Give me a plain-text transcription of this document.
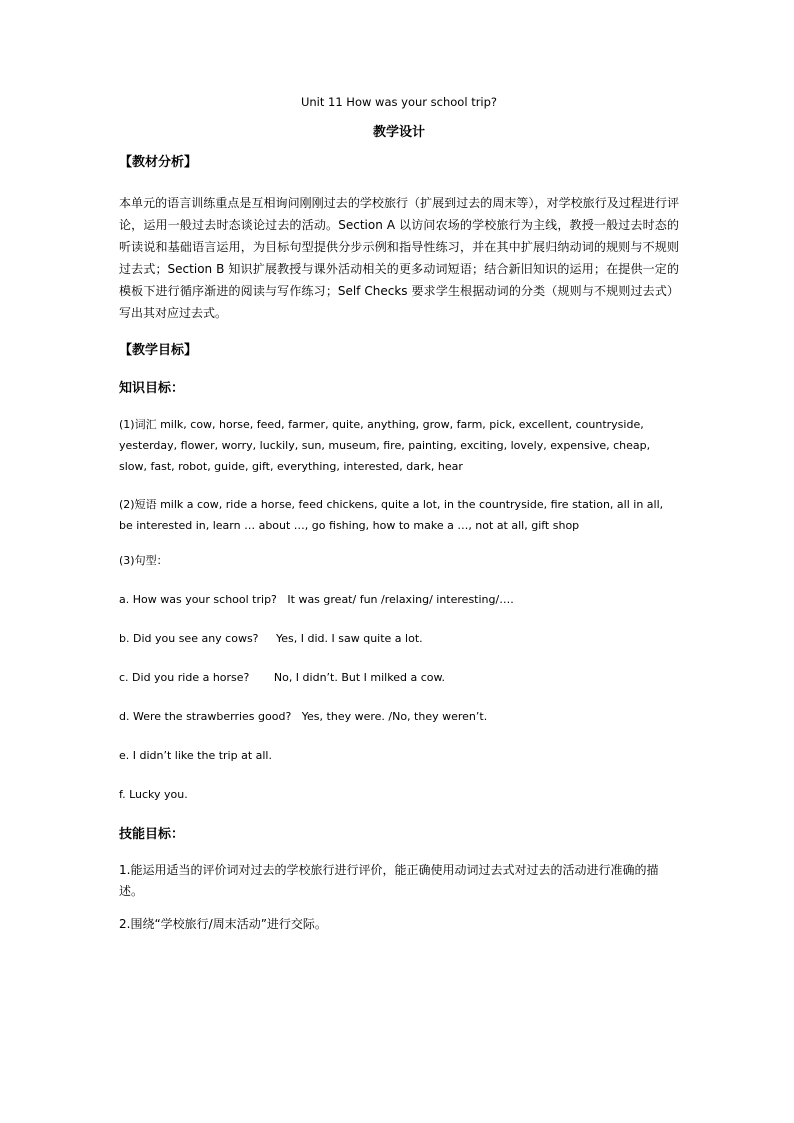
Unit 11 How was your school trip?

教学设计

【教材分析】

本单元的语言训练重点是互相询问刚刚过去的学校旅行（扩展到过去的周末等），对学校旅行及过程进行评论，运用一般过去时态谈论过去的活动。Section A 以访问农场的学校旅行为主线，教授一般过去时态的听读说和基础语言运用，为目标句型提供分步示例和指导性练习，并在其中扩展归纳动词的规则与不规则过去式；Section B 知识扩展教授与课外活动相关的更多动词短语；结合新旧知识的运用；在提供一定的模板下进行循序渐进的阅读与写作练习；Self Checks 要求学生根据动词的分类（规则与不规则过去式）写出其对应过去式。

【教学目标】

知识目标：

(1)词汇 milk, cow, horse, feed, farmer, quite, anything, grow, farm, pick, excellent, countryside, yesterday, flower, worry, luckily, sun, museum, fire, painting, exciting, lovely, expensive, cheap, slow, fast, robot, guide, gift, everything, interested, dark, hear

(2)短语 milk a cow, ride a horse, feed chickens, quite a lot, in the countryside, fire station, all in all, be interested in, learn … about …, go fishing, how to make a …, not at all, gift shop

(3)句型：

a. How was your school trip?   It was great/ fun /relaxing/ interesting/….

b. Did you see any cows?     Yes, I did. I saw quite a lot.

c. Did you ride a horse?       No, I didn’t. But I milked a cow.

d. Were the strawberries good?   Yes, they were. /No, they weren’t.

e. I didn’t like the trip at all.

f. Lucky you.

技能目标：

1.能运用适当的评价词对过去的学校旅行进行评价，能正确使用动词过去式对过去的活动进行准确的描述。

2.围绕“学校旅行/周末活动”进行交际。
